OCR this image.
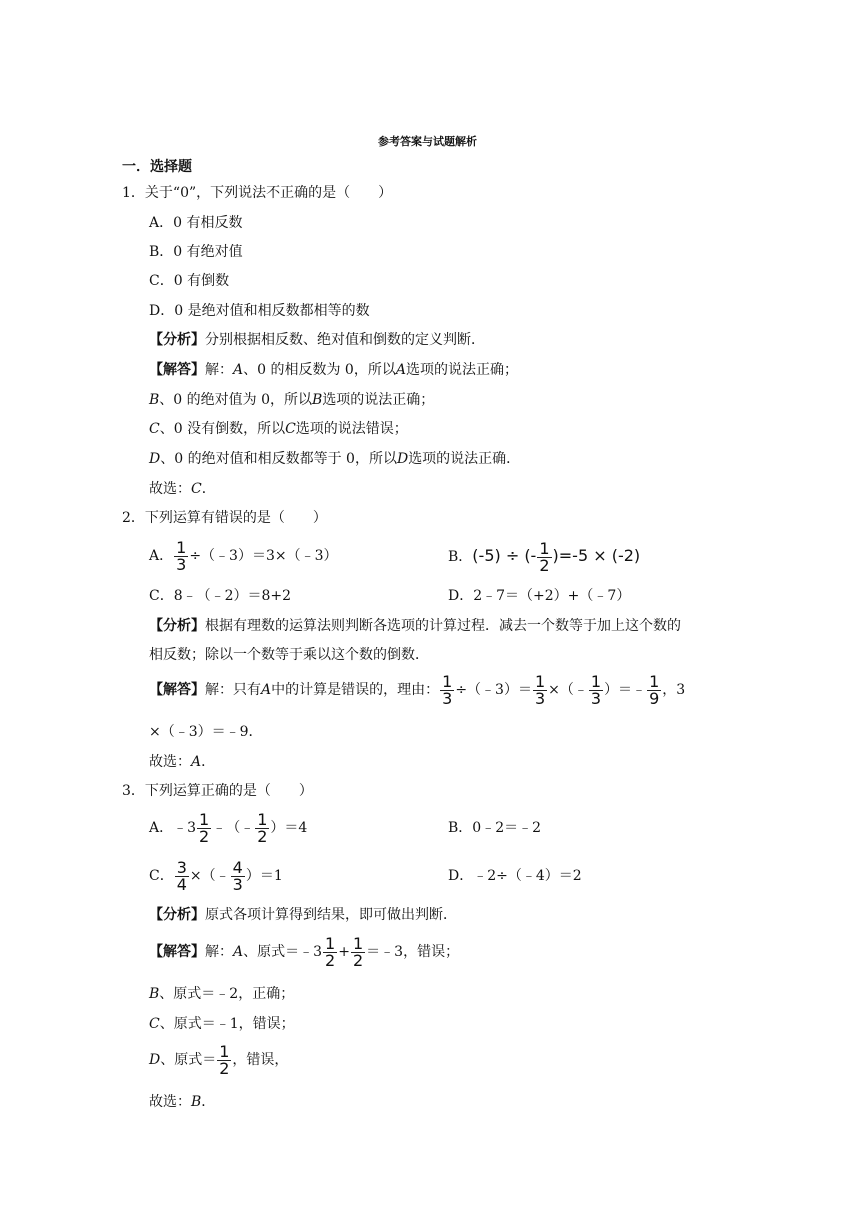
参考答案与试题解析
一．选择题
1．关于“0”，下列说法不正确的是（　　）
A．0 有相反数
B．0 有绝对值
C．0 有倒数
D．0 是绝对值和相反数都相等的数
【分析】分别根据相反数、绝对值和倒数的定义判断．
【解答】解：A、0 的相反数为 0，所以A选项的说法正确；
B、0 的绝对值为 0，所以B选项的说法正确；
C、0 没有倒数，所以C选项的说法错误；
D、0 的绝对值和相反数都等于 0，所以D选项的说法正确．
故选：C．
2．下列运算有错误的是（　　）
A． $\frac{1}{3}$ ÷（﹣3）＝3×（﹣3）	B．(-5) ÷ (- $\frac{1}{2} )=-5 \times (-2)$
C．8﹣（﹣2）＝8+2	D．2﹣7＝（+2）+（﹣7）
【分析】根据有理数的运算法则判断各选项的计算过程．减去一个数等于加上这个数的
相反数；除以一个数等于乘以这个数的倒数．
【解答】解：只有A中的计算是错误的，理由： $\frac{1}{3}$ ÷（﹣3）＝ $\frac{1}{3}$ ×（﹣ $\frac{1}{3}$ ）＝﹣ $\frac{1}{9}$ ，3
×（﹣3）＝﹣9．
故选：A．
3．下列运算正确的是（　　）
A．﹣3 $\frac{1}{2}$ ﹣（﹣ $\frac{1}{2} )=4$	B．0﹣2＝﹣2
C． $\frac{3}{4}$ ×（﹣ $\frac{4}{3} )=1$	D．﹣2÷（﹣4）＝2
【分析】原式各项计算得到结果，即可做出判断．
【解答】解：A、原式＝﹣3 $\frac{1}{2} + \frac{1}{2}$ ＝﹣3，错误；
B、原式＝﹣2，正确；
C、原式＝﹣1，错误；
D、原式＝ $\frac{1}{2}$ ，错误，
故选：B．
